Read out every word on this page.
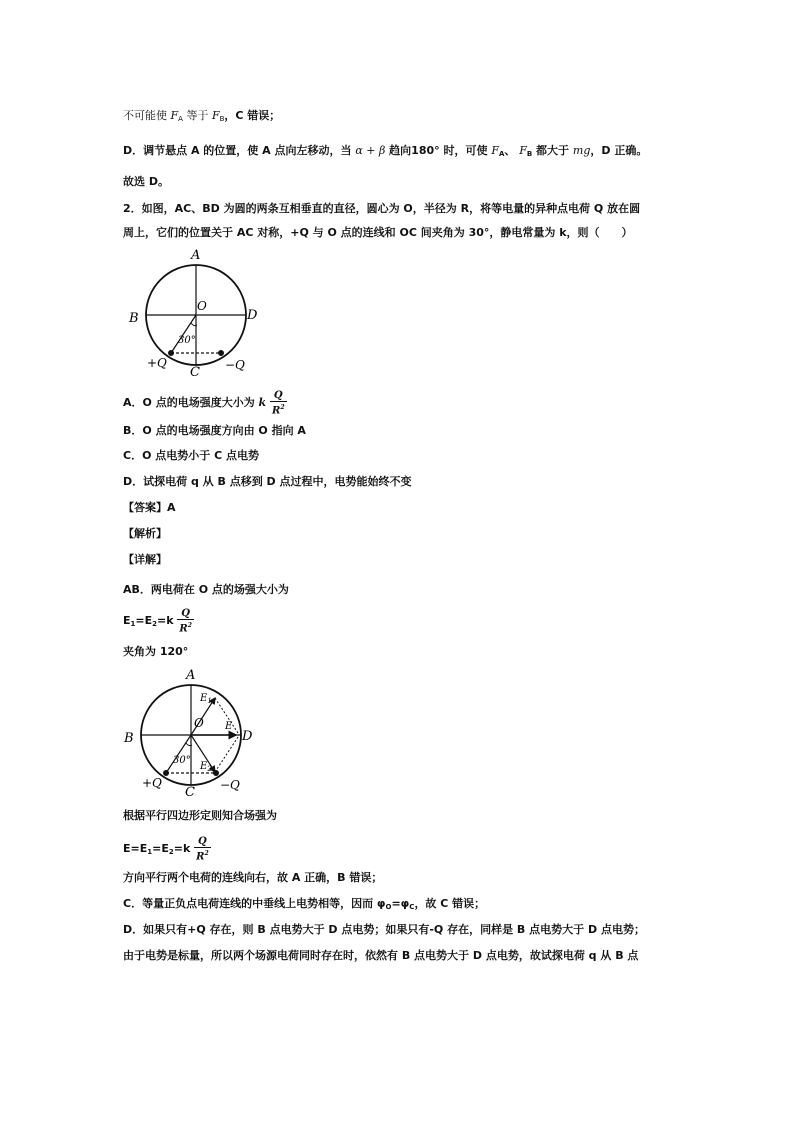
不可能使 $F_A$ 等于 $F_B$，C 错误；
D．调节悬点 A 的位置，使 A 点向左移动，当 α + β 趋向180° 时，可使 $F_A$、 $F_B$ 都大于 mg，D 正确。
故选 D。
2．如图，AC、BD 为圆的两条互相垂直的直径，圆心为 O，半径为 R，将等电量的异种点电荷 Q 放在圆
周上，它们的位置关于 AC 对称，+Q 与 O 点的连线和 OC 间夹角为 30°，静电常量为 k，则（　　）
A
B	D
O
30°
+Q	−Q
C
A．O 点的电场强度大小为 k $\frac{Q}{R^2}$
B．O 点的电场强度方向由 O 指向 A
C．O 点电势小于 C 点电势
D．试探电荷 q 从 B 点移到 D 点过程中，电势能始终不变
【答案】A
【解析】
【详解】
AB．两电荷在 O 点的场强大小为
$E_1=E_2=k \frac{Q}{R^2}$
夹角为 120°
A
B	D
O
$E_1$
E
$E_2$
30°
+Q	−Q
C
根据平行四边形定则知合场强为
$E=E_1=E_2=k \frac{Q}{R^2}$
方向平行两个电荷的连线向右，故 A 正确，B 错误；
C．等量正负点电荷连线的中垂线上电势相等，因而 $\varphi_O=\varphi_C$，故 C 错误；
D．如果只有+Q 存在，则 B 点电势大于 D 点电势；如果只有-Q 存在，同样是 B 点电势大于 D 点电势；
由于电势是标量，所以两个场源电荷同时存在时，依然有 B 点电势大于 D 点电势，故试探电荷 q 从 B 点
